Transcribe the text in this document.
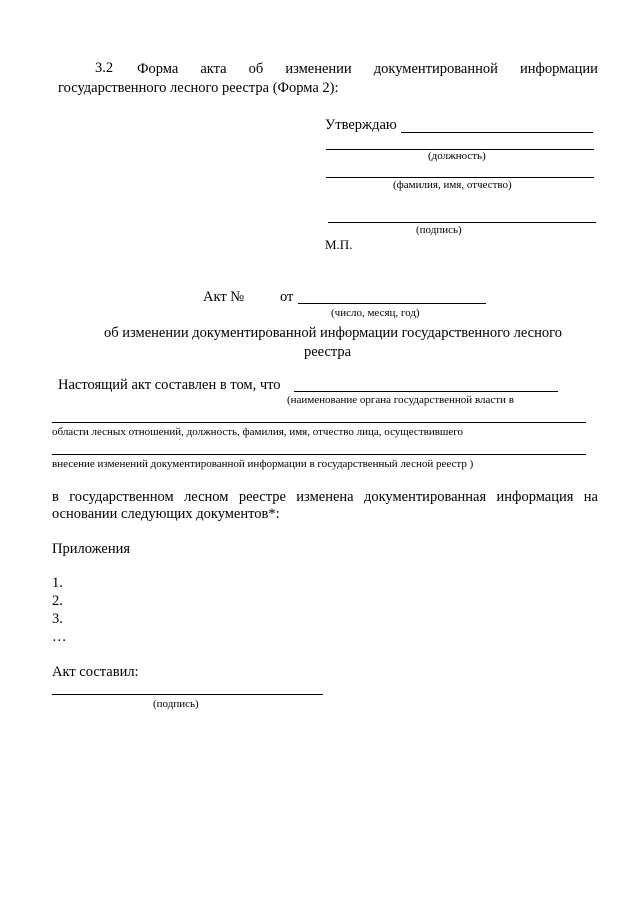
3.2 Форма акта об изменении документированной информации
государственного лесного реестра (Форма 2):
Утверждаю
(должность)
(фамилия, имя, отчество)
(подпись)
М.П.
Акт № от
(число, месяц, год)
об изменении документированной информации государственного лесного
реестра
Настоящий акт составлен в том, что
(наименование органа государственной власти в
области лесных отношений, должность, фамилия, имя, отчество лица, осуществившего
внесение изменений документированной информации в государственный лесной реестр )
в государственном лесном реестре изменена документированная информация на
основании следующих документов*:
Приложения
1.
2.
3.
…
Акт составил:
(подпись)
